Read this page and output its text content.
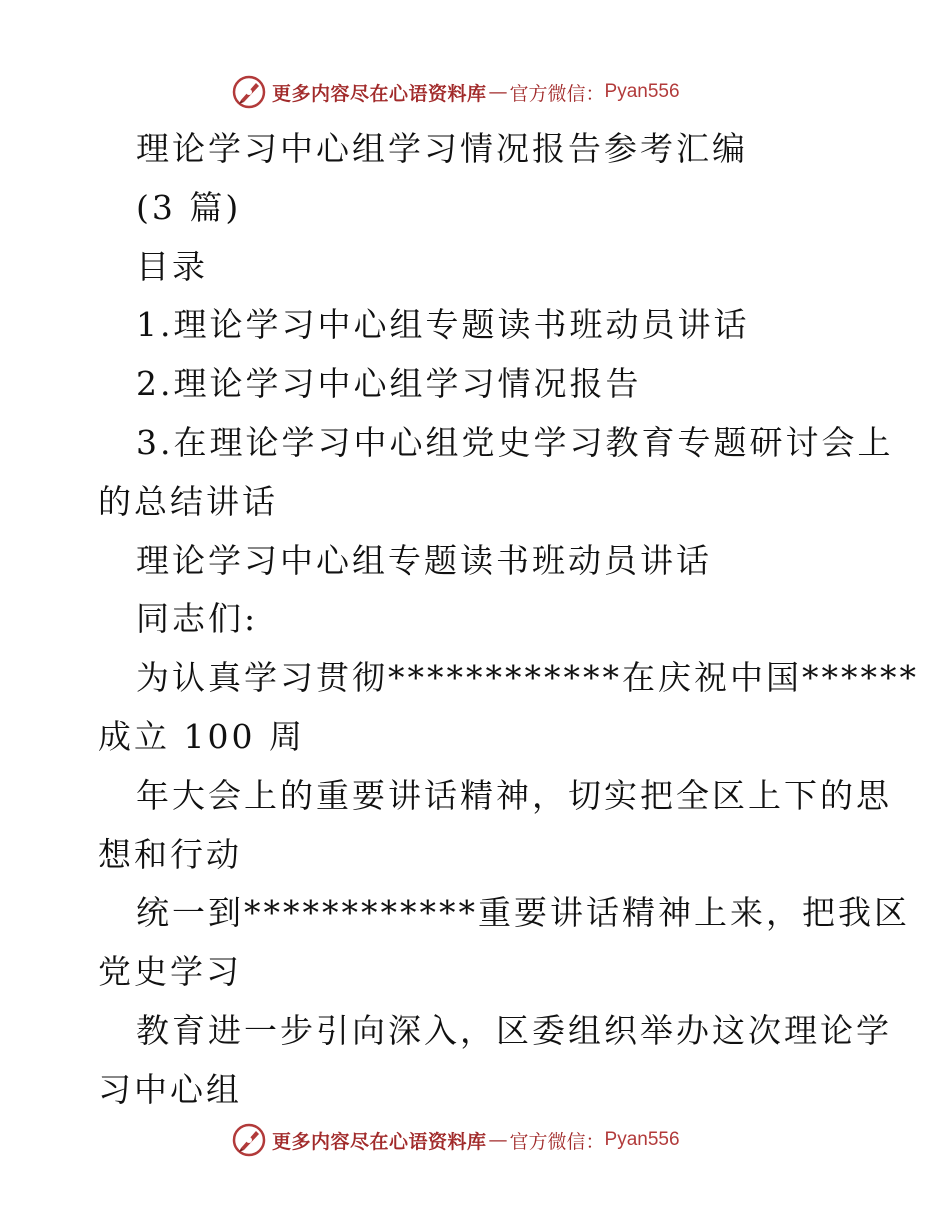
更多内容尽在心语资料库 — 官方微信： Pyan556
理论学习中心组学习情况报告参考汇编
(3 篇)
目录
1.理论学习中心组专题读书班动员讲话
2.理论学习中心组学习情况报告
3.在理论学习中心组党史学习教育专题研讨会上
的总结讲话
理论学习中心组专题读书班动员讲话
同志们:
为认真学习贯彻************在庆祝中国******
成立 100 周
年大会上的重要讲话精神，切实把全区上下的思
想和行动
统一到************重要讲话精神上来，把我区
党史学习
教育进一步引向深入，区委组织举办这次理论学
习中心组
更多内容尽在心语资料库 — 官方微信： Pyan556
